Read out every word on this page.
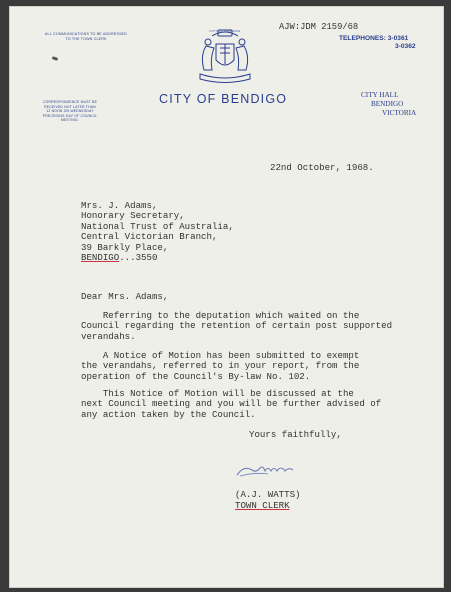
ALL COMMUNICATIONS TO BE ADDRESSED
TO THE TOWN CLERK
CITY OF BENDIGO	AJW:JDM 2159/68
TELEPHONES: 3-0361
3-0362
CORRESPONDENCE MUST BE
RECEIVED NOT LATER THAN
12 NOON ON WEDNESDAY
PRECEDING DAY OF COUNCIL
MEETING.
CITY OF BENDIGO	CITY HALL
BENDIGO
VICTORIA
22nd October, 1968.
Mrs. J. Adams,
Honorary Secretary,
National Trust of Australia,
Central Victorian Branch,
39 Barkly Place,
BENDIGO...3550
Dear Mrs. Adams,
Referring to the deputation which waited on the
Council regarding the retention of certain post supported
verandahs.
A Notice of Motion has been submitted to exempt
the verandahs, referred to in your report, from the
operation of the Council's By-law No. 102.
This Notice of Motion will be discussed at the
next Council meeting and you will be further advised of
any action taken by the Council.
Yours faithfully,
(A.J. WATTS)
TOWN CLERK
